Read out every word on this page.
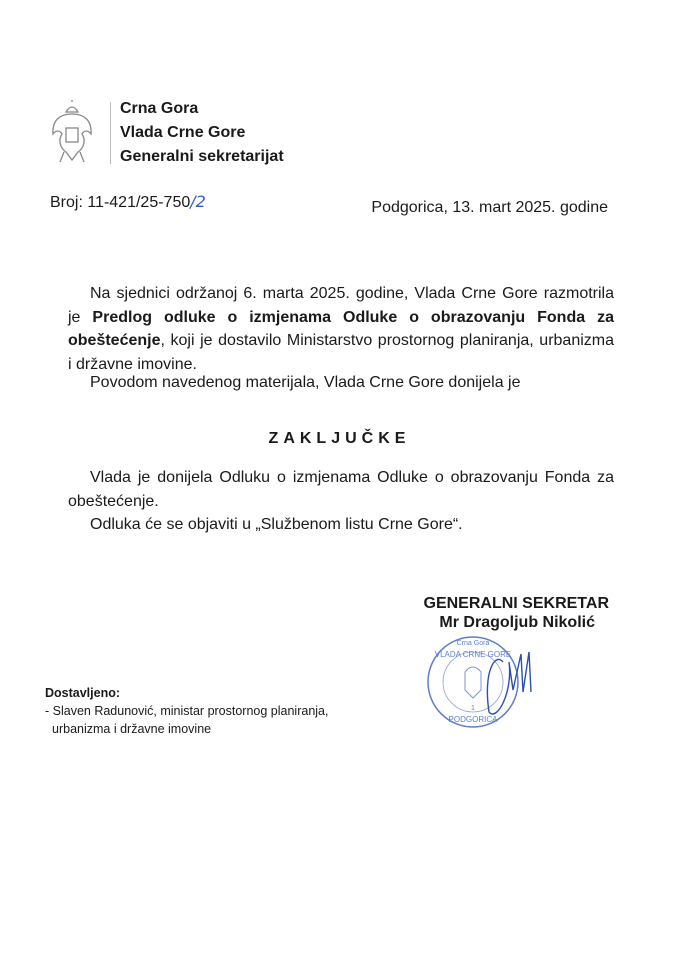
Crna Gora
Vlada Crne Gore
Generalni sekretarijat
Broj: 11-421/25-750/2	Podgorica, 13. mart 2025. godine
Na sjednici održanoj 6. marta 2025. godine, Vlada Crne Gore razmotrila je Predlog odluke o izmjenama Odluke o obrazovanju Fonda za obeštećenje, koji je dostavilo Ministarstvo prostornog planiranja, urbanizma i državne imovine.
Povodom navedenog materijala, Vlada Crne Gore donijela je
ZAKLJUČKE
Vlada je donijela Odluku o izmjenama Odluke o obrazovanju Fonda za obeštećenje.
Odluka će se objaviti u „Službenom listu Crne Gore“.
GENERALNI SEKRETAR
Mr Dragoljub Nikolić
VLADA CRNE GORE
Crna Gora
1
PODGORICA
Dostavljeno:
- Slaven Radunović, ministar prostornog planiranja,
urbanizma i državne imovine
